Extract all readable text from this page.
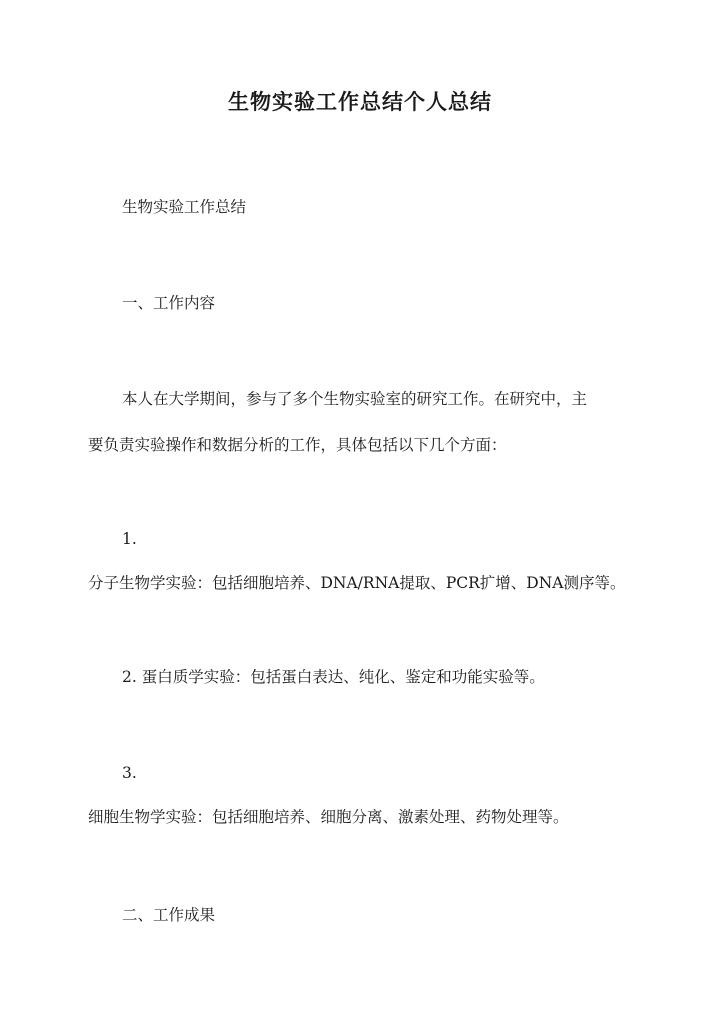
生物实验工作总结个人总结
生物实验工作总结
一、工作内容
本人在大学期间，参与了多个生物实验室的研究工作。在研究中，主
要负责实验操作和数据分析的工作，具体包括以下几个方面：
1.
分子生物学实验：包括细胞培养、DNA/RNA提取、PCR扩增、DNA测序等。
2. 蛋白质学实验：包括蛋白表达、纯化、鉴定和功能实验等。
3.
细胞生物学实验：包括细胞培养、细胞分离、激素处理、药物处理等。
二、工作成果
